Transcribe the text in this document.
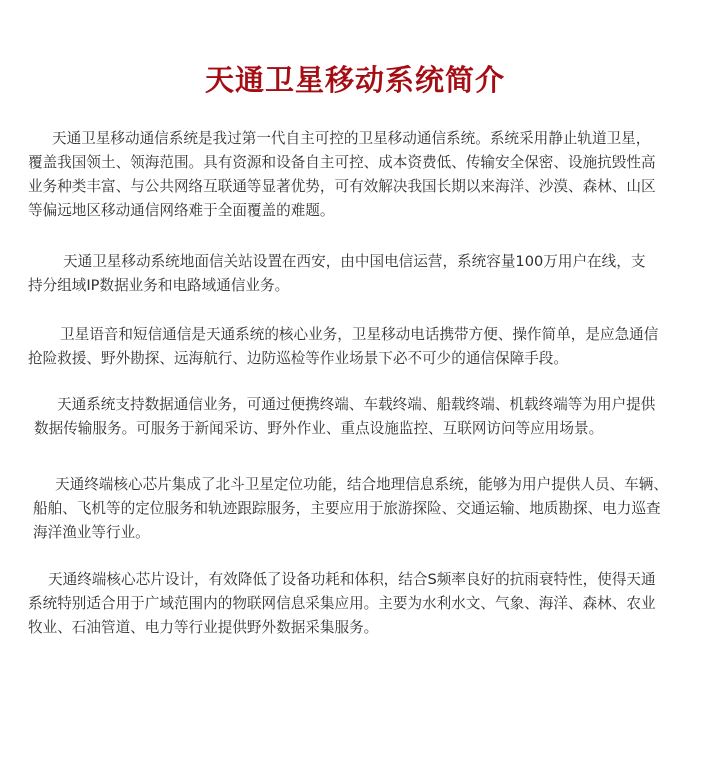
天通卫星移动系统简介
天通卫星移动通信系统是我过第一代自主可控的卫星移动通信系统。系统采用静止轨道卫星，
覆盖我国领土、领海范围。具有资源和设备自主可控、成本资费低、传输安全保密、设施抗毁性高
业务种类丰富、与公共网络互联通等显著优势，可有效解决我国长期以来海洋、沙漠、森林、山区
等偏远地区移动通信网络难于全面覆盖的难题。
天通卫星移动系统地面信关站设置在西安，由中国电信运营，系统容量100万用户在线，支
持分组域IP数据业务和电路域通信业务。
卫星语音和短信通信是天通系统的核心业务，卫星移动电话携带方便、操作简单，是应急通信
抢险救援、野外勘探、远海航行、边防巡检等作业场景下必不可少的通信保障手段。
天通系统支持数据通信业务，可通过便携终端、车载终端、船载终端、机载终端等为用户提供
数据传输服务。可服务于新闻采访、野外作业、重点设施监控、互联网访问等应用场景。
天通终端核心芯片集成了北斗卫星定位功能，结合地理信息系统，能够为用户提供人员、车辆、
船舶、飞机等的定位服务和轨迹跟踪服务，主要应用于旅游探险、交通运输、地质勘探、电力巡查
海洋渔业等行业。
天通终端核心芯片设计，有效降低了设备功耗和体积，结合S频率良好的抗雨衰特性，使得天通
系统特别适合用于广域范围内的物联网信息采集应用。主要为水利水文、气象、海洋、森林、农业
牧业、石油管道、电力等行业提供野外数据采集服务。
